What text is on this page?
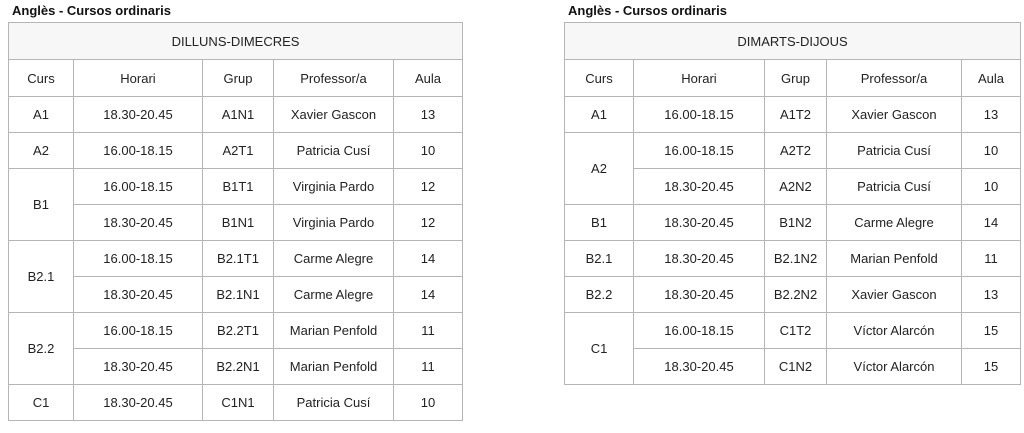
Anglès - Cursos ordinaris
DILLUNS-DIMECRES				
Curs	Horari	Grup	Professor/a	Aula
A1	18.30-20.45	A1N1	Xavier Gascon	13
A2	16.00-18.15	A2T1	Patricia Cusí	10
B1	16.00-18.15	B1T1	Virginia Pardo	12
	18.30-20.45	B1N1	Virginia Pardo	12
B2.1	16.00-18.15	B2.1T1	Carme Alegre	14
	18.30-20.45	B2.1N1	Carme Alegre	14
B2.2	16.00-18.15	B2.2T1	Marian Penfold	11
	18.30-20.45	B2.2N1	Marian Penfold	11
C1	18.30-20.45	C1N1	Patricia Cusí	10
Anglès - Cursos ordinaris
DIMARTS-DIJOUS				
Curs	Horari	Grup	Professor/a	Aula
A1	16.00-18.15	A1T2	Xavier Gascon	13
A2	16.00-18.15	A2T2	Patricia Cusí	10
	18.30-20.45	A2N2	Patricia Cusí	10
B1	18.30-20.45	B1N2	Carme Alegre	14
B2.1	18.30-20.45	B2.1N2	Marian Penfold	11
B2.2	18.30-20.45	B2.2N2	Xavier Gascon	13
C1	16.00-18.15	C1T2	Víctor Alarcón	15
	18.30-20.45	C1N2	Víctor Alarcón	15
